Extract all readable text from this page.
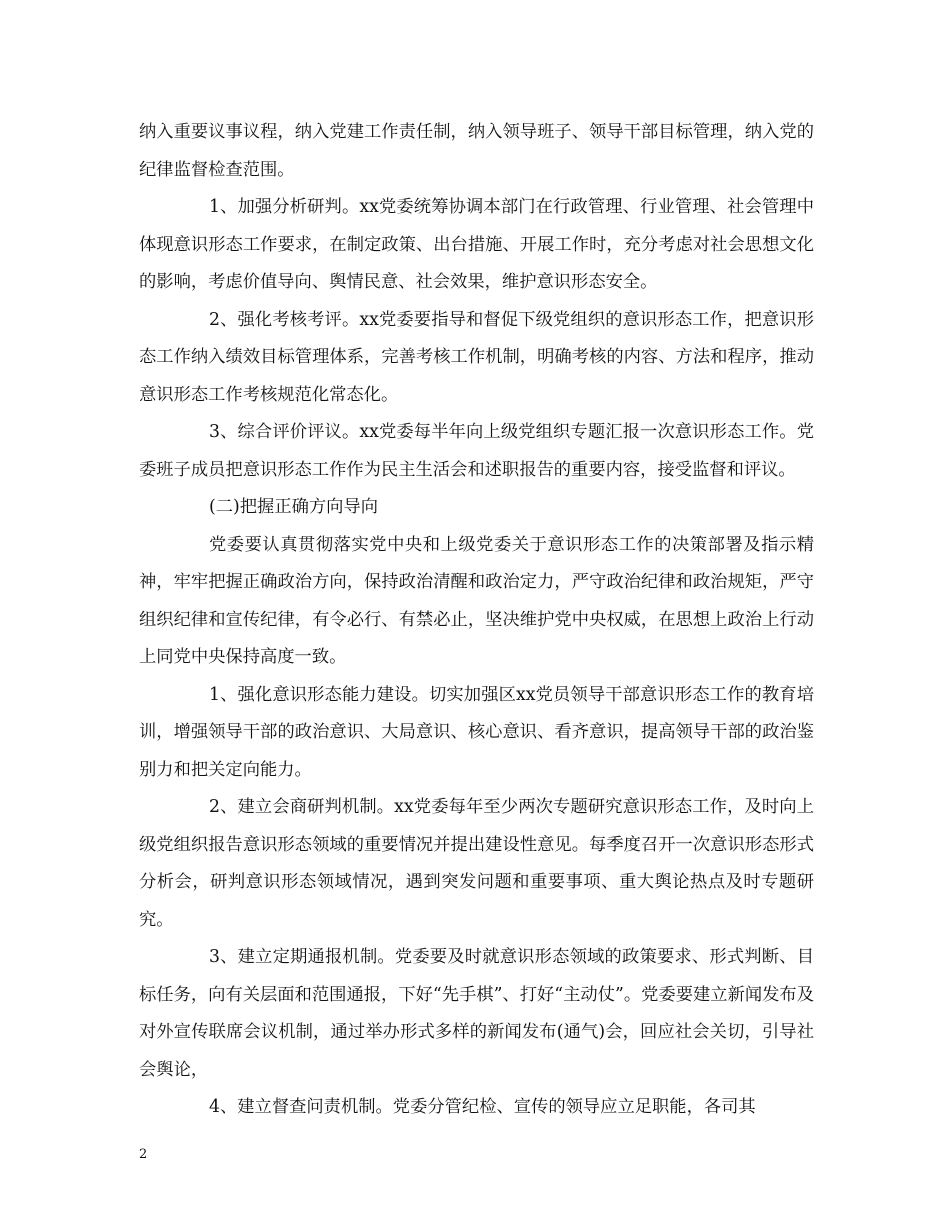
纳入重要议事议程，纳入党建工作责任制，纳入领导班子、领导干部目标管理，纳入党的纪律监督检查范围。

1、加强分析研判。xx党委统筹协调本部门在行政管理、行业管理、社会管理中体现意识形态工作要求，在制定政策、出台措施、开展工作时，充分考虑对社会思想文化的影响，考虑价值导向、舆情民意、社会效果，维护意识形态安全。

2、强化考核考评。xx党委要指导和督促下级党组织的意识形态工作，把意识形态工作纳入绩效目标管理体系，完善考核工作机制，明确考核的内容、方法和程序，推动意识形态工作考核规范化常态化。

3、综合评价评议。xx党委每半年向上级党组织专题汇报一次意识形态工作。党委班子成员把意识形态工作作为民主生活会和述职报告的重要内容，接受监督和评议。

(二)把握正确方向导向

党委要认真贯彻落实党中央和上级党委关于意识形态工作的决策部署及指示精神，牢牢把握正确政治方向，保持政治清醒和政治定力，严守政治纪律和政治规矩，严守组织纪律和宣传纪律，有令必行、有禁必止，坚决维护党中央权威，在思想上政治上行动上同党中央保持高度一致。

1、强化意识形态能力建设。切实加强区xx党员领导干部意识形态工作的教育培训，增强领导干部的政治意识、大局意识、核心意识、看齐意识，提高领导干部的政治鉴别力和把关定向能力。

2、建立会商研判机制。xx党委每年至少两次专题研究意识形态工作，及时向上级党组织报告意识形态领域的重要情况并提出建设性意见。每季度召开一次意识形态形式分析会，研判意识形态领域情况，遇到突发问题和重要事项、重大舆论热点及时专题研究。

3、建立定期通报机制。党委要及时就意识形态领域的政策要求、形式判断、目标任务，向有关层面和范围通报，下好“先手棋”、打好“主动仗”。党委要建立新闻发布及对外宣传联席会议机制，通过举办形式多样的新闻发布(通气)会，回应社会关切，引导社会舆论，

4、建立督查问责机制。党委分管纪检、宣传的领导应立足职能，各司其

2
